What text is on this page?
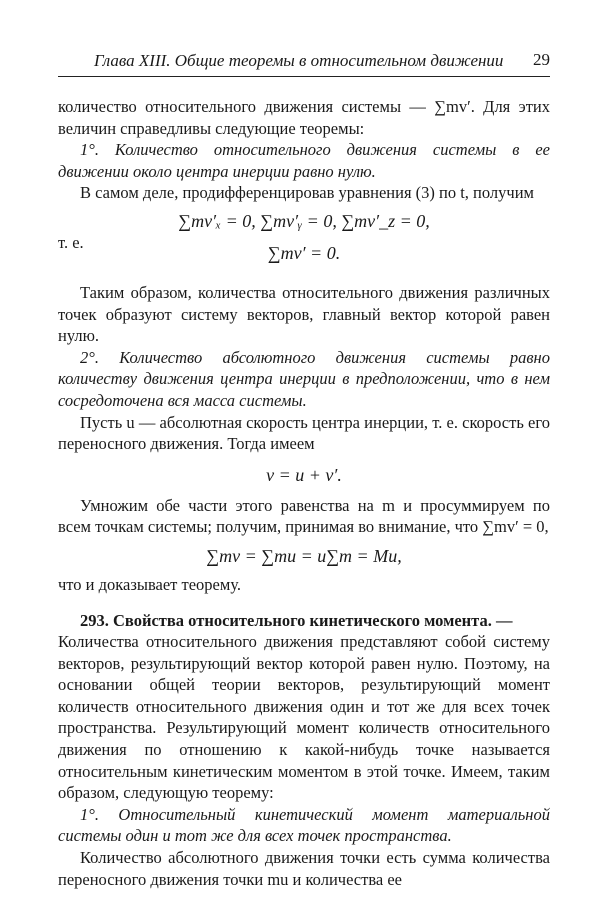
Глава XIII. Общие теоремы в относительном движении 29

количество относительного движения системы — ∑mv′. Для этих величин справедливы следующие теоремы:

1°. Количество относительного движения системы в ее движении около центра инерции равно нулю.

В самом деле, продифференцировав уравнения (3) по t, получим

т. е.
∑mv′ₓ = 0, ∑mv′ᵧ = 0, ∑mv′_z = 0,
∑mv′ = 0.

Таким образом, количества относительного движения различных точек образуют систему векторов, главный вектор которой равен нулю.

2°. Количество абсолютного движения системы равно количеству движения центра инерции в предположении, что в нем сосредоточена вся масса системы.

Пусть u — абсолютная скорость центра инерции, т. е. скорость его переносного движения. Тогда имеем

v = u + v′.

Умножим обе части этого равенства на m и просуммируем по всем точкам системы; получим, принимая во внимание, что ∑mv′ = 0,

∑mv = ∑mu = u∑m = Mu,

что и доказывает теорему.

293. Свойства относительного кинетического момента. —

Количества относительного движения представляют собой систему векторов, результирующий вектор которой равен нулю. Поэтому, на основании общей теории векторов, результирующий момент количеств относительного движения один и тот же для всех точек пространства. Результирующий момент количеств относительного движения по отношению к какой-нибудь точке называется относительным кинетическим моментом в этой точке. Имеем, таким образом, следующую теорему:

1°. Относительный кинетический момент материальной системы один и тот же для всех точек пространства.

Количество абсолютного движения точки есть сумма количества переносного движения точки mu и количества ее
